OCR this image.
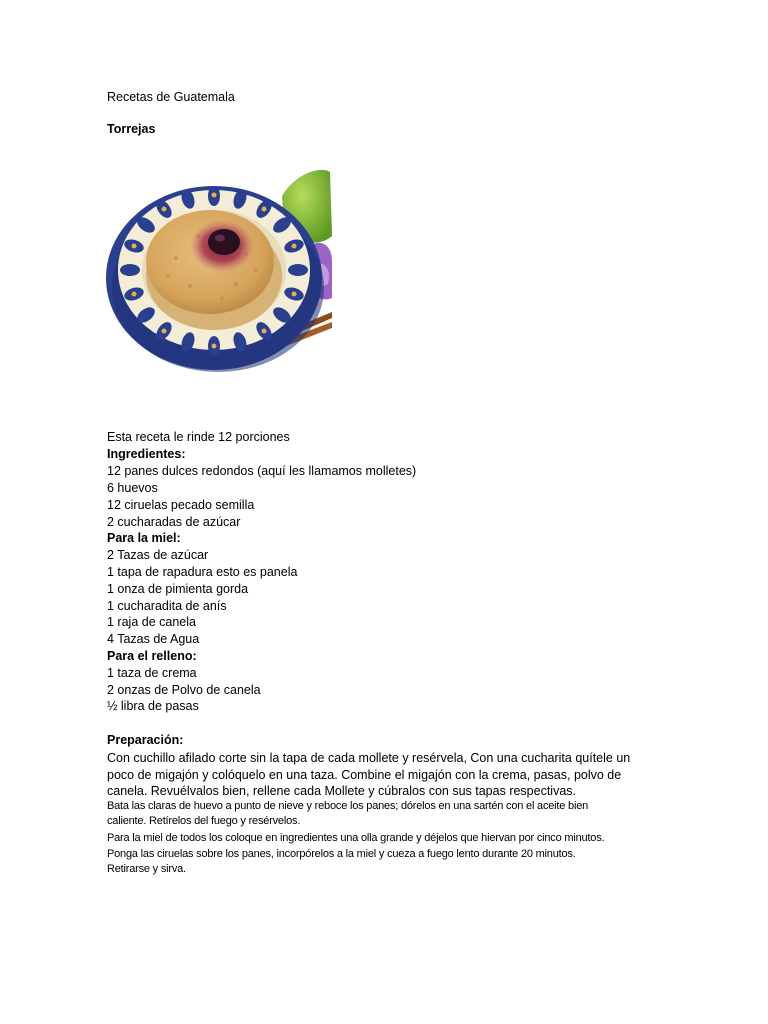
Recetas de Guatemala
Torrejas
Esta receta le rinde 12 porciones
Ingredientes:
12 panes dulces redondos (aquí les llamamos molletes)
6 huevos
12 ciruelas pecado semilla
2 cucharadas de azúcar
Para la miel:
2 Tazas de azúcar
1 tapa de rapadura esto es panela
1 onza de pimienta gorda
1 cucharadita de anís
1 raja de canela
4 Tazas de Agua
Para el relleno:
1 taza de crema
2 onzas de Polvo de canela
½ libra de pasas
Preparación:
Con cuchillo afilado corte sin la tapa de cada mollete y resérvela, Con una cucharita quítele un
poco de migajón y colóquelo en una taza. Combine el migajón con la crema, pasas, polvo de
canela. Revuélvalos bien, rellene cada Mollete y cúbralos con sus tapas respectivas.
Bata las claras de huevo a punto de nieve y reboce los panes; dórelos en una sartén con el aceite bien
caliente. Retírelos del fuego y resérvelos.
Para la miel de todos los coloque en ingredientes una olla grande y déjelos que hiervan por cinco minutos.
Ponga las ciruelas sobre los panes, incorpórelos a la miel y cueza a fuego lento durante 20 minutos.
Retirarse y sirva.
